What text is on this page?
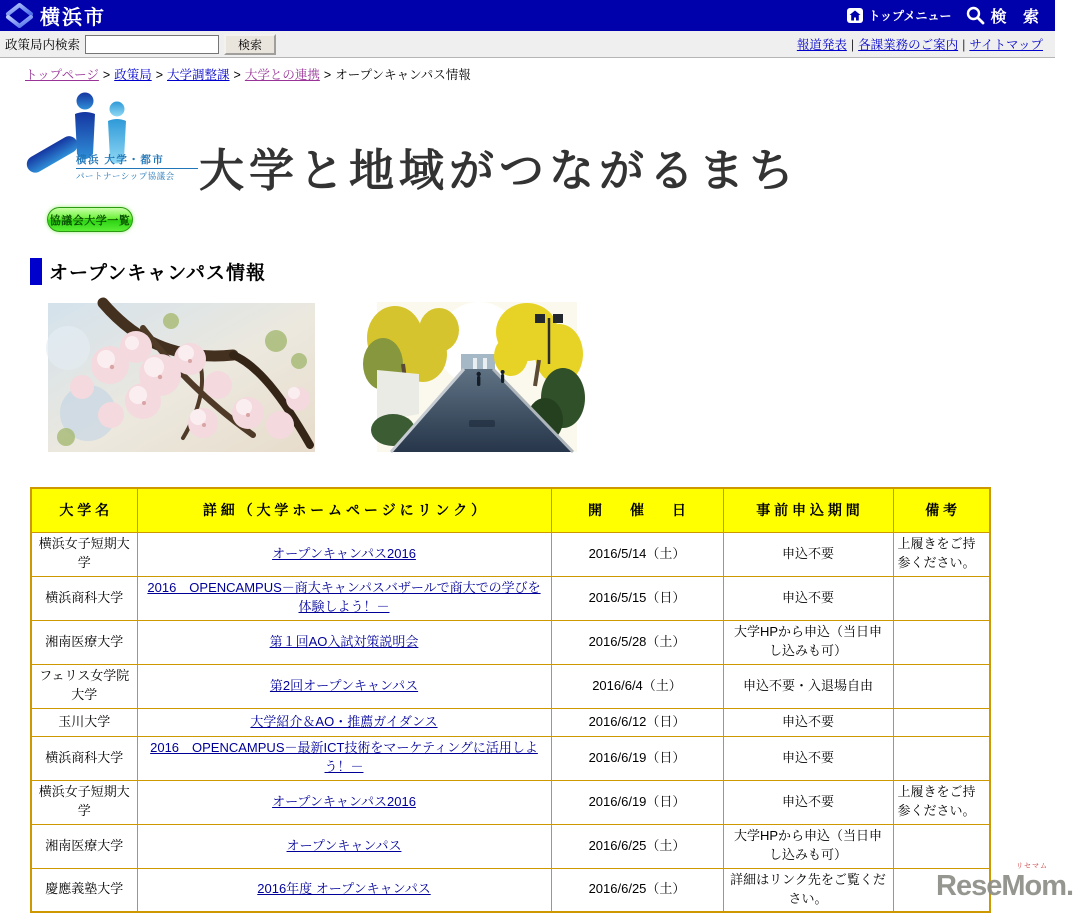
横浜市	トップメニュー 検 索
政策局内検索	検索	報道発表 | 各課業務のご案内 | サイトマップ
トップページ > 政策局 > 大学調整課 > 大学との連携 > オープンキャンパス情報
横浜 大学・都市
パートナーシップ協議会 大学と地域がつながるまち
協議会大学一覧
オープンキャンパス情報
大 学 名	詳 細 （ 大 学 ホ ー ム ペ ー ジ に リ ン ク ）	開　　催　　日	事 前 申 込 期 間	備 考
横浜女子短期大学	オープンキャンパス2016	2016/5/14（土）	申込不要	上履きをご持参ください。
横浜商科大学	2016　OPENCAMPUS－商大キャンパスバザールで商大での学びを体験しよう！－	2016/5/15（日）	申込不要	
湘南医療大学	第１回AO入試対策説明会	2016/5/28（土）	大学HPから申込（当日申し込みも可）	
フェリス女学院大学	第2回オープンキャンパス	2016/6/4（土）	申込不要・入退場自由	
玉川大学	大学紹介＆AO・推薦ガイダンス	2016/6/12（日）	申込不要	
横浜商科大学	2016　OPENCAMPUS－最新ICT技術をマーケティングに活用しよう！－	2016/6/19（日）	申込不要	
横浜女子短期大学	オープンキャンパス2016	2016/6/19（日）	申込不要	上履きをご持参ください。
湘南医療大学	オープンキャンパス	2016/6/25（土）	大学HPから申込（当日申し込みも可）	
慶應義塾大学	2016年度 オープンキャンパス	2016/6/25（土）	詳細はリンク先をご覧ください。	
リセマム
ReseMom.
